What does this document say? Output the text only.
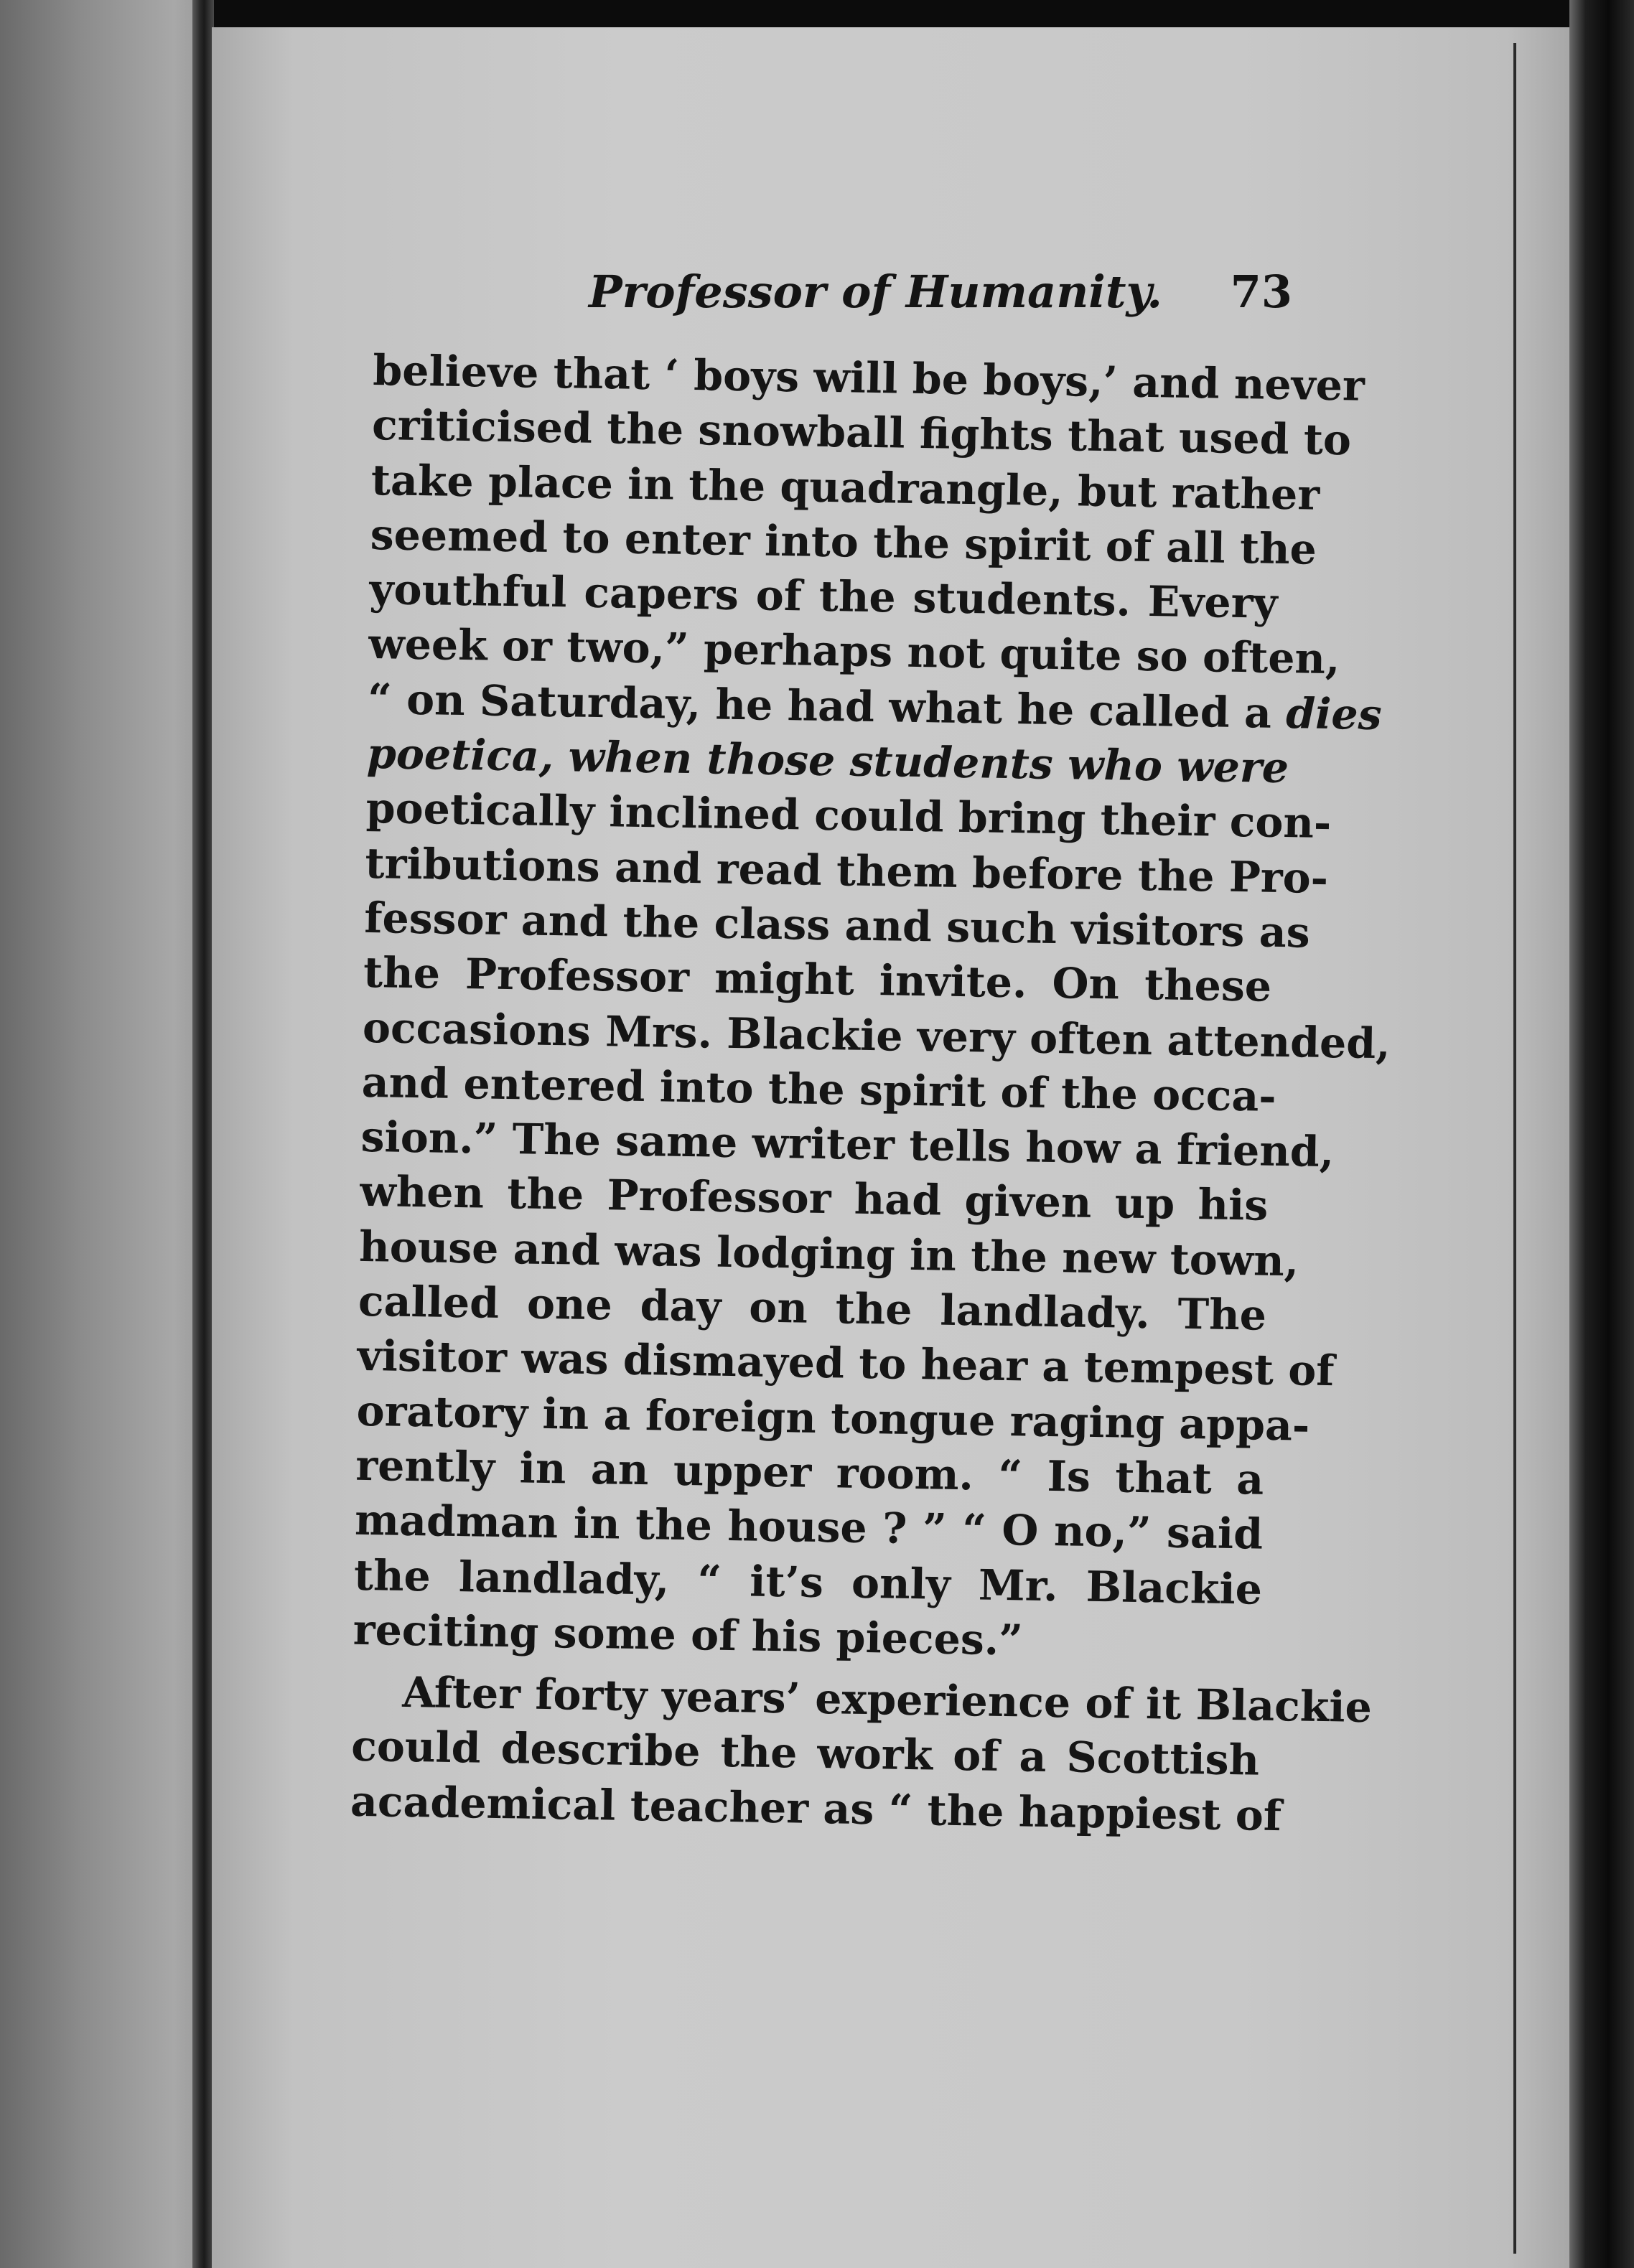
Professor of Humanity. 73
believe that ‘ boys will be boys,’ and never
criticised the snowball fights that used to
take place in the quadrangle, but rather
seemed to enter into the spirit of all the
youthful capers of the students. Every
week or two,” perhaps not quite so often,
“ on Saturday, he had what he called a dies
poetica, when those students who were
poetically inclined could bring their con-
tributions and read them before the Pro-
fessor and the class and such visitors as
the Professor might invite. On these
occasions Mrs. Blackie very often attended,
and entered into the spirit of the occa-
sion.” The same writer tells how a friend,
when the Professor had given up his
house and was lodging in the new town,
called one day on the landlady. The
visitor was dismayed to hear a tempest of
oratory in a foreign tongue raging appa-
rently in an upper room. “ Is that a
madman in the house ? ” “ O no,” said
the landlady, “ it’s only Mr. Blackie
reciting some of his pieces.”
After forty years’ experience of it Blackie
could describe the work of a Scottish
academical teacher as “ the happiest of
